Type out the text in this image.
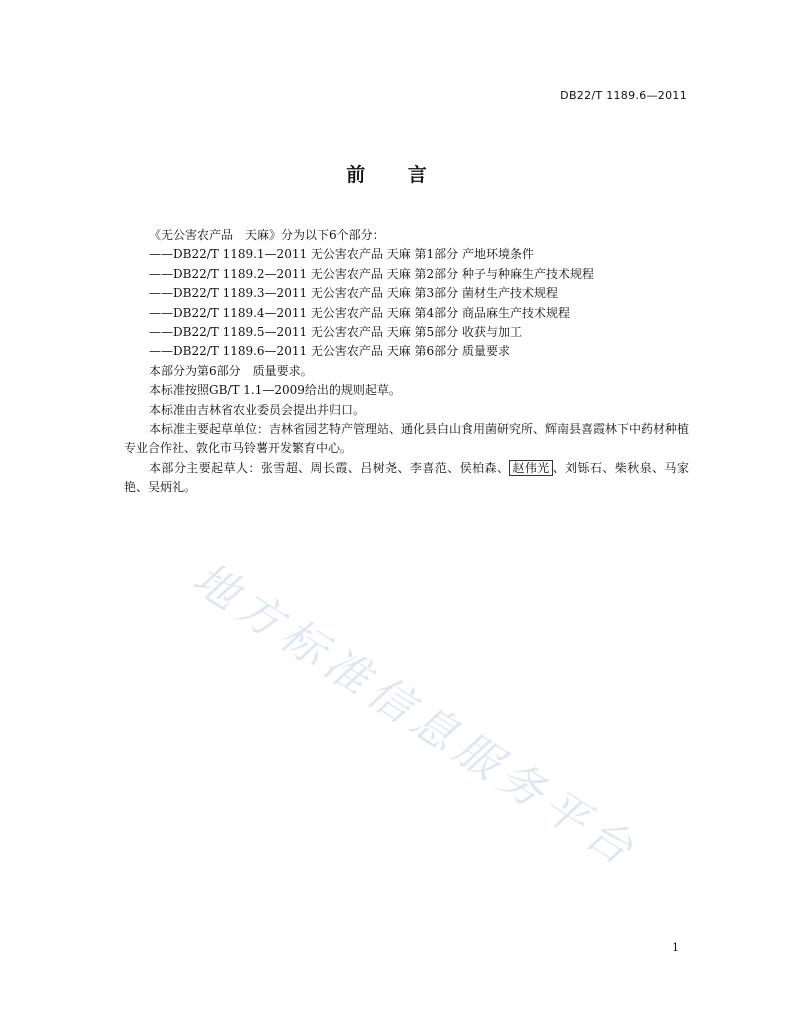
DB22/T 1189.6—2011
前 言
《无公害农产品　天麻》分为以下6个部分：
——DB22/T 1189.1—2011 无公害农产品 天麻 第1部分 产地环境条件
——DB22/T 1189.2—2011 无公害农产品 天麻 第2部分 种子与种麻生产技术规程
——DB22/T 1189.3—2011 无公害农产品 天麻 第3部分 菌材生产技术规程
——DB22/T 1189.4—2011 无公害农产品 天麻 第4部分 商品麻生产技术规程
——DB22/T 1189.5—2011 无公害农产品 天麻 第5部分 收获与加工
——DB22/T 1189.6—2011 无公害农产品 天麻 第6部分 质量要求
本部分为第6部分　质量要求。
本标准按照GB/T 1.1—2009给出的规则起草。
本标准由吉林省农业委员会提出并归口。
本标准主要起草单位：吉林省园艺特产管理站、通化县白山食用菌研究所、辉南县喜霞林下中药材种植专业合作社、敦化市马铃薯开发繁育中心。
本部分主要起草人：张雪超、周长霞、吕树尧、李喜范、侯柏森、 赵伟光 、刘铄石、柴秋泉、马家艳、吴炳礼。
地方标准信息服务平台
1
